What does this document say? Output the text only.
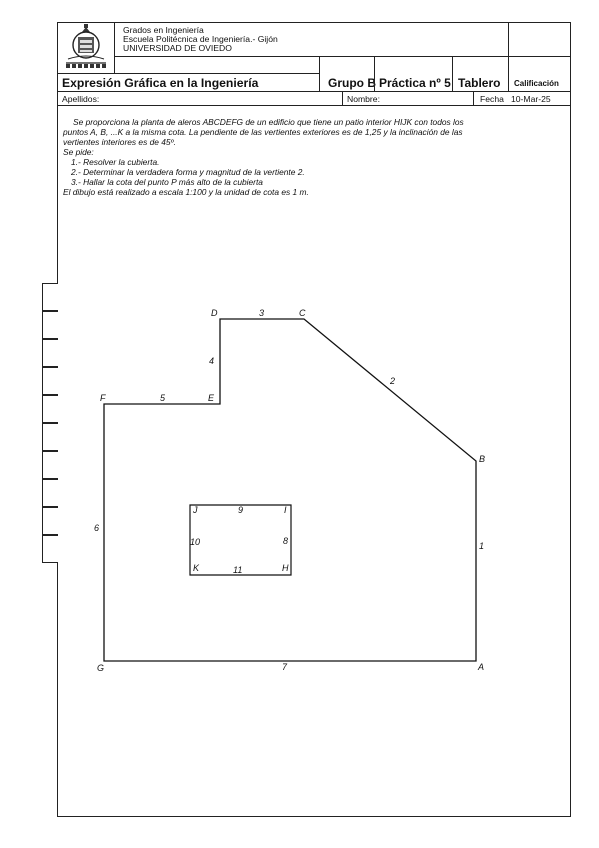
Grados en Ingeniería
Escuela Politécnica de Ingeniería.- Gijón
UNIVERSIDAD DE OVIEDO
Expresión Gráfica en la Ingeniería	Grupo B Práctica nº 5 Tablero Calificación
Apellidos:	Nombre:	Fecha 10-Mar-25
Se proporciona la planta de aleros ABCDEFG de un edificio que tiene un patio interior HIJK con todos los
puntos A, B, ...K a la misma cota. La pendiente de las vertientes exteriores es de 1,25 y la inclinación de las
vertientes interiores es de 45º.
Se pide:
1.- Resolver la cubierta.
2.- Determinar la verdadera forma y magnitud de la vertiente 2.
3.- Hallar la cota del punto P más alto de la cubierta
El dibujo está realizado a escala 1:100 y la unidad de cota es 1 m.
A
B
C
D
E
F
G
H
I
J
K
1
2
3
4
5
6
7
8
9
10
11
